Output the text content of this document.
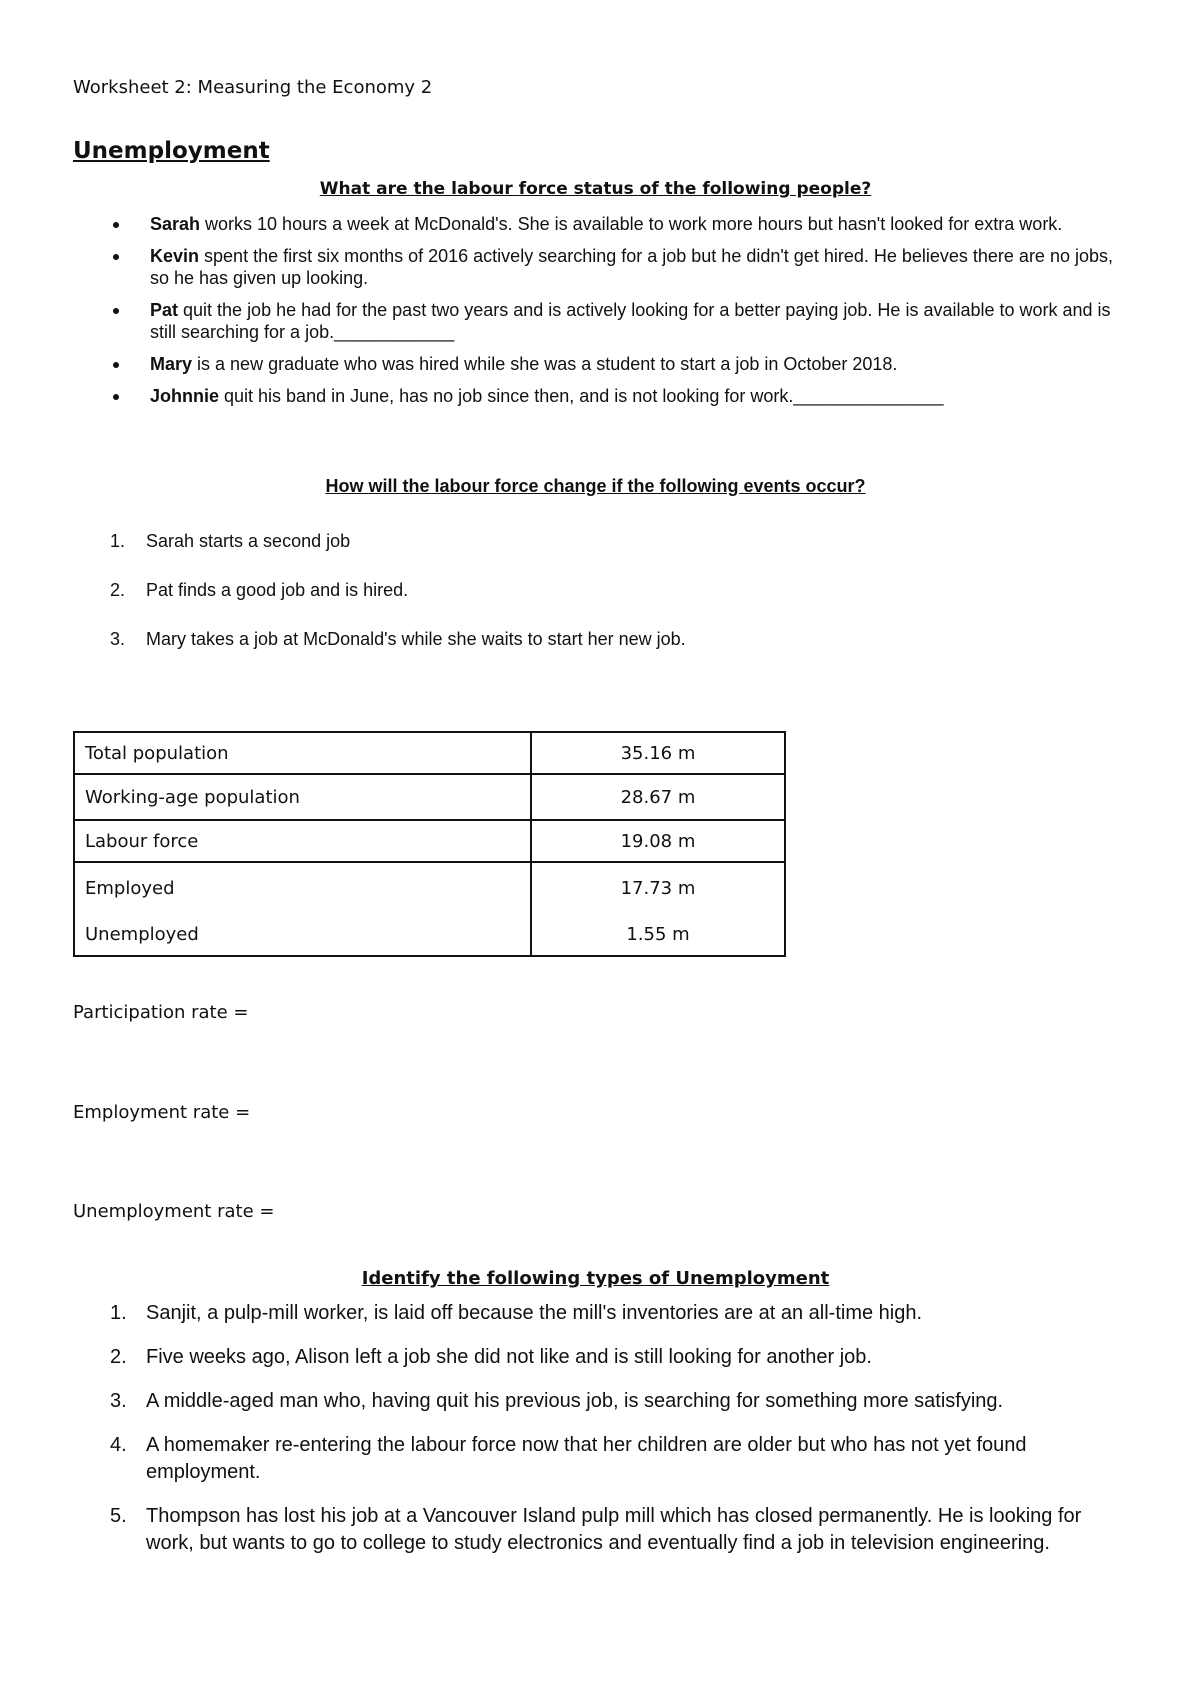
Worksheet 2: Measuring the Economy 2
Unemployment
What are the labour force status of the following people?
Sarah works 10 hours a week at McDonald's. She is available to work more hours but hasn't looked for extra work.
Kevin spent the first six months of 2016 actively searching for a job but he didn't get hired. He believes there are no jobs, so he has given up looking.
Pat quit the job he had for the past two years and is actively looking for a better paying job. He is available to work and is still searching for a job.____________
Mary is a new graduate who was hired while she was a student to start a job in October 2018.
Johnnie quit his band in June, has no job since then, and is not looking for work._______________
How will the labour force change if the following events occur?
1. Sarah starts a second job
2. Pat finds a good job and is hired.
3. Mary takes a job at McDonald's while she waits to start her new job.
Total population	35.16 m
Working-age population	28.67 m
Labour force	19.08 m
Employed	17.73 m
Unemployed	1.55 m
Participation rate =
Employment rate =
Unemployment rate =
Identify the following types of Unemployment
1. Sanjit, a pulp-mill worker, is laid off because the mill's inventories are at an all-time high.
2. Five weeks ago, Alison left a job she did not like and is still looking for another job.
3. A middle-aged man who, having quit his previous job, is searching for something more satisfying.
4. A homemaker re-entering the labour force now that her children are older but who has not yet found employment.
5. Thompson has lost his job at a Vancouver Island pulp mill which has closed permanently. He is looking for work, but wants to go to college to study electronics and eventually find a job in television engineering.
